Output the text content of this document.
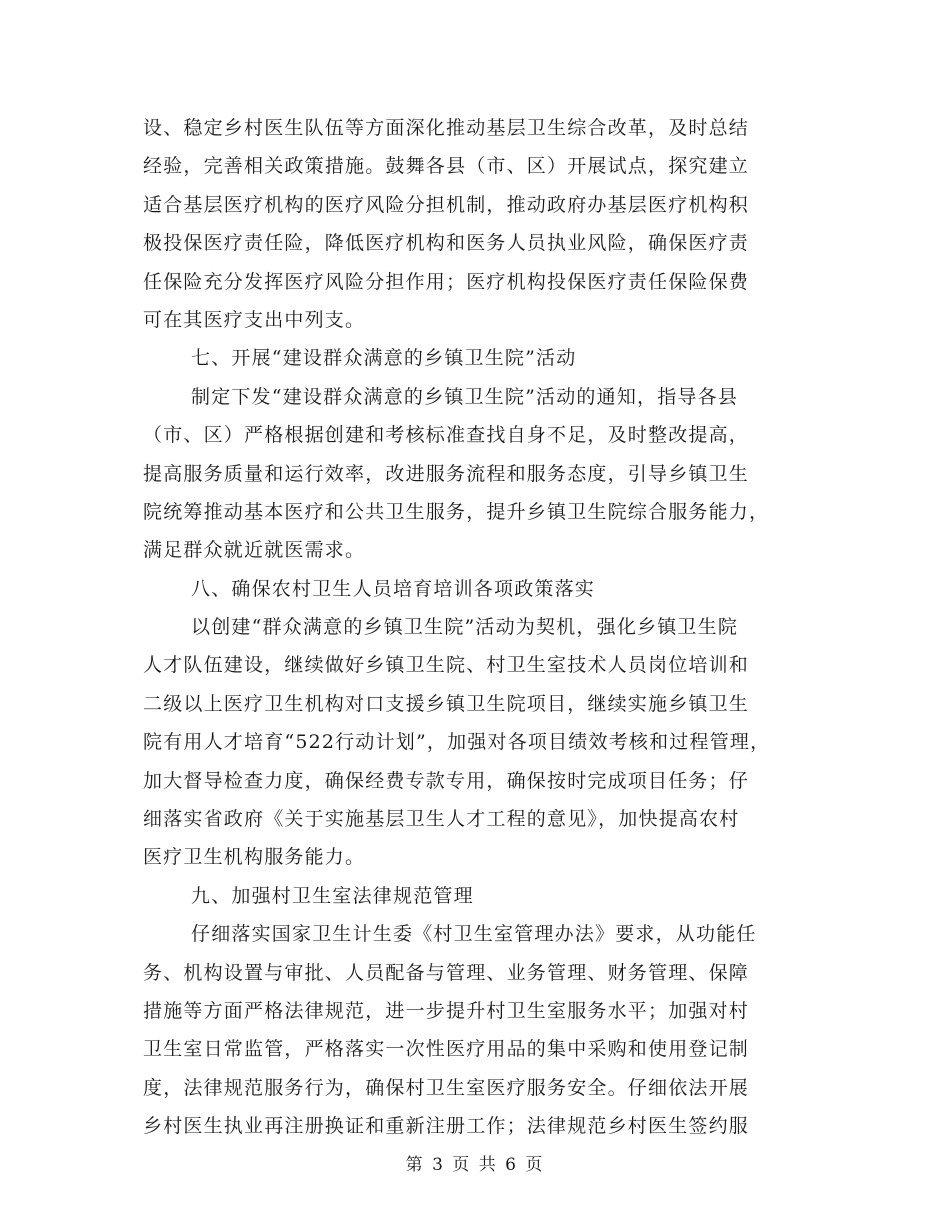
设、稳定乡村医生队伍等方面深化推动基层卫生综合改革，及时总结
经验，完善相关政策措施。鼓舞各县（市、区）开展试点，探究建立
适合基层医疗机构的医疗风险分担机制，推动政府办基层医疗机构积
极投保医疗责任险，降低医疗机构和医务人员执业风险，确保医疗责
任保险充分发挥医疗风险分担作用；医疗机构投保医疗责任保险保费
可在其医疗支出中列支。
七、开展“建设群众满意的乡镇卫生院”活动
制定下发“建设群众满意的乡镇卫生院”活动的通知，指导各县
（市、区）严格根据创建和考核标准查找自身不足，及时整改提高，
提高服务质量和运行效率，改进服务流程和服务态度，引导乡镇卫生
院统筹推动基本医疗和公共卫生服务，提升乡镇卫生院综合服务能力，
满足群众就近就医需求。
八、确保农村卫生人员培育培训各项政策落实
以创建“群众满意的乡镇卫生院”活动为契机，强化乡镇卫生院
人才队伍建设，继续做好乡镇卫生院、村卫生室技术人员岗位培训和
二级以上医疗卫生机构对口支援乡镇卫生院项目，继续实施乡镇卫生
院有用人才培育“522行动计划”，加强对各项目绩效考核和过程管理，
加大督导检查力度，确保经费专款专用，确保按时完成项目任务；仔
细落实省政府《关于实施基层卫生人才工程的意见》，加快提高农村
医疗卫生机构服务能力。
九、加强村卫生室法律规范管理
仔细落实国家卫生计生委《村卫生室管理办法》要求，从功能任
务、机构设置与审批、人员配备与管理、业务管理、财务管理、保障
措施等方面严格法律规范，进一步提升村卫生室服务水平；加强对村
卫生室日常监管，严格落实一次性医疗用品的集中采购和使用登记制
度，法律规范服务行为，确保村卫生室医疗服务安全。仔细依法开展
乡村医生执业再注册换证和重新注册工作；法律规范乡村医生签约服
第 3 页 共 6 页
